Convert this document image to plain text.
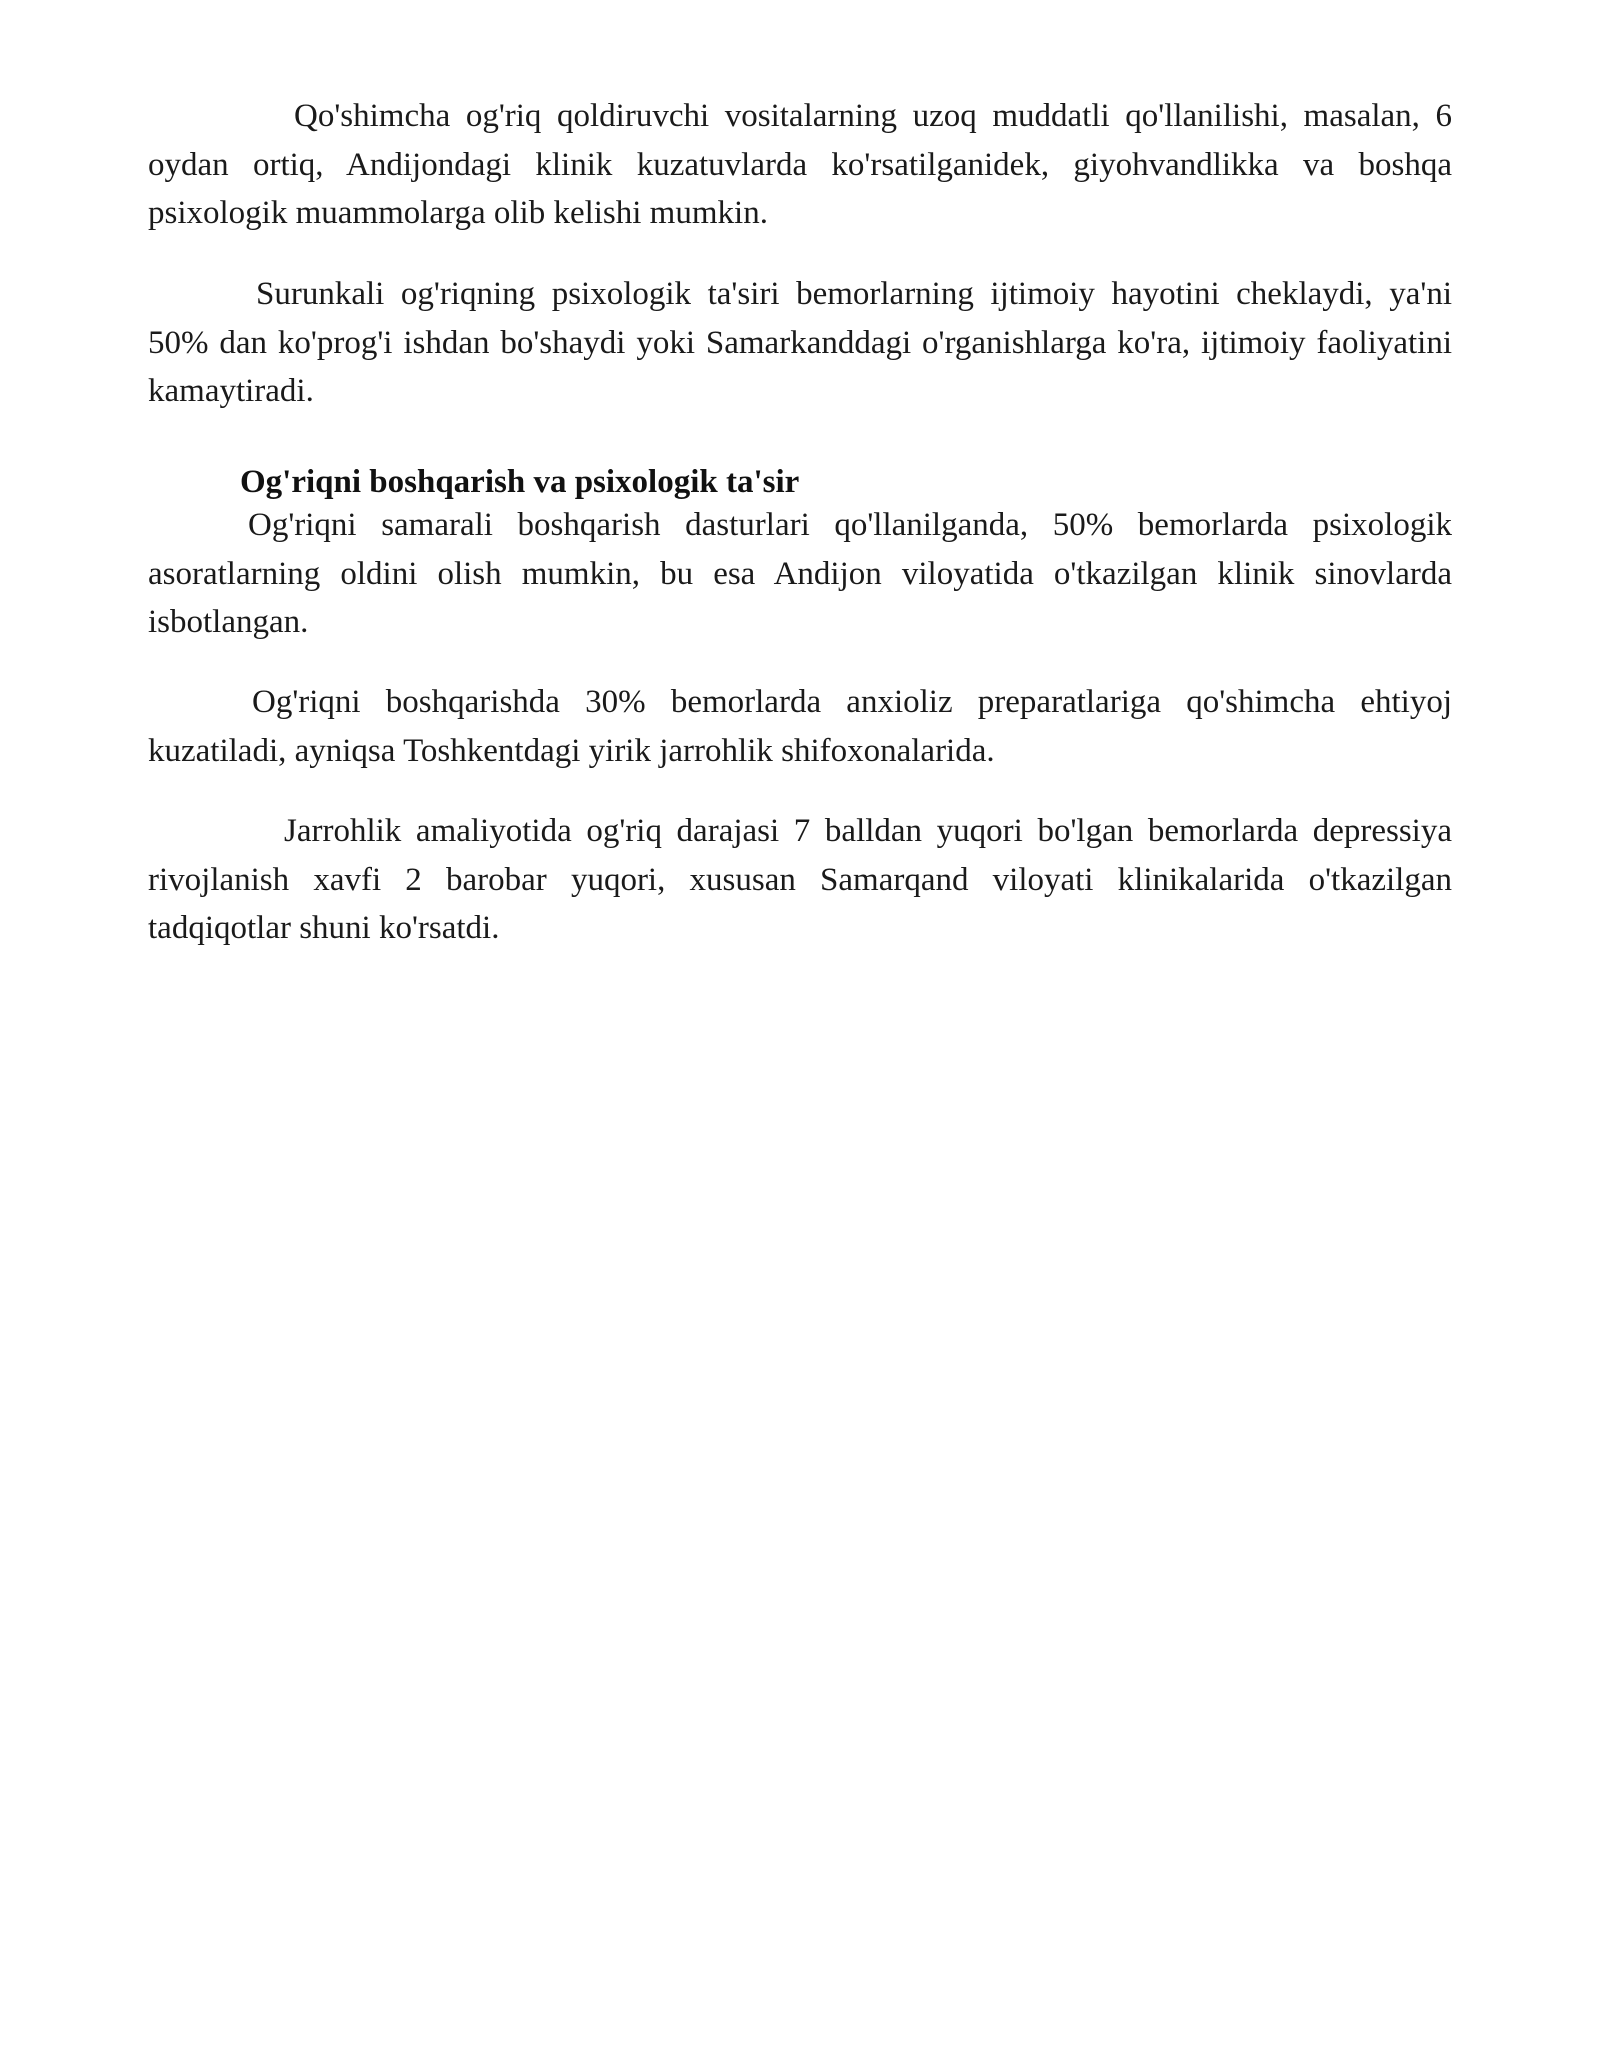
Qo'shimcha og'riq qoldiruvchi vositalarning uzoq muddatli qo'llanilishi, masalan, 6 oydan ortiq, Andijondagi klinik kuzatuvlarda ko'rsatilganidek, giyohvandlikka va boshqa psixologik muammolarga olib kelishi mumkin.

Surunkali og'riqning psixologik ta'siri bemorlarning ijtimoiy hayotini cheklaydi, ya'ni 50% dan ko'prog'i ishdan bo'shaydi yoki Samarkanddagi o'rganishlarga ko'ra, ijtimoiy faoliyatini kamaytiradi.

Og'riqni boshqarish va psixologik ta'sir

Og'riqni samarali boshqarish dasturlari qo'llanilganda, 50% bemorlarda psixologik asoratlarning oldini olish mumkin, bu esa Andijon viloyatida o'tkazilgan klinik sinovlarda isbotlangan.

Og'riqni boshqarishda 30% bemorlarda anxioliz preparatlariga qo'shimcha ehtiyoj kuzatiladi, ayniqsa Toshkentdagi yirik jarrohlik shifoxonalarida.

Jarrohlik amaliyotida og'riq darajasi 7 balldan yuqori bo'lgan bemorlarda depressiya rivojlanish xavfi 2 barobar yuqori, xususan Samarqand viloyati klinikalarida o'tkazilgan tadqiqotlar shuni ko'rsatdi.
